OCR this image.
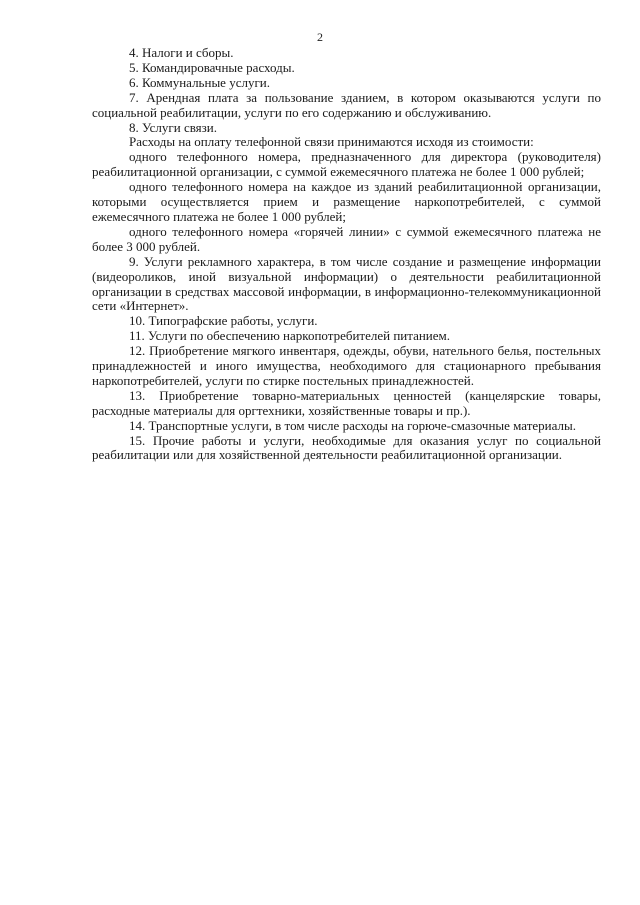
2

4. Налоги и сборы.

5. Командировачные расходы.

6. Коммунальные услуги.

7. Арендная плата за пользование зданием, в котором оказываются услуги по социальной реабилитации, услуги по его содержанию и обслуживанию.

8. Услуги связи.

Расходы на оплату телефонной связи принимаются исходя из стоимости:

одного телефонного номера, предназначенного для директора (руководителя) реабилитационной организации, с суммой ежемесячного платежа не более 1 000 рублей;

одного телефонного номера на каждое из зданий реабилитационной организации, которыми осуществляется прием и размещение наркопотребителей, с суммой ежемесячного платежа не более 1 000 рублей;

одного телефонного номера «горячей линии» с суммой ежемесячного платежа не более 3 000 рублей.

9. Услуги рекламного характера, в том числе создание и размещение информации (видеороликов, иной визуальной информации) о деятельности реабилитационной организации в средствах массовой информации, в информационно-телекоммуникационной сети «Интернет».

10. Типографские работы, услуги.

11. Услуги по обеспечению наркопотребителей питанием.

12. Приобретение мягкого инвентаря, одежды, обуви, нательного белья, постельных принадлежностей и иного имущества, необходимого для стационарного пребывания наркопотребителей, услуги по стирке постельных принадлежностей.

13. Приобретение товарно-материальных ценностей (канцелярские товары, расходные материалы для оргтехники, хозяйственные товары и пр.).

14. Транспортные услуги, в том числе расходы на горюче-смазочные материалы.

15. Прочие работы и услуги, необходимые для оказания услуг по социальной реабилитации или для хозяйственной деятельности реабилитационной организации.
